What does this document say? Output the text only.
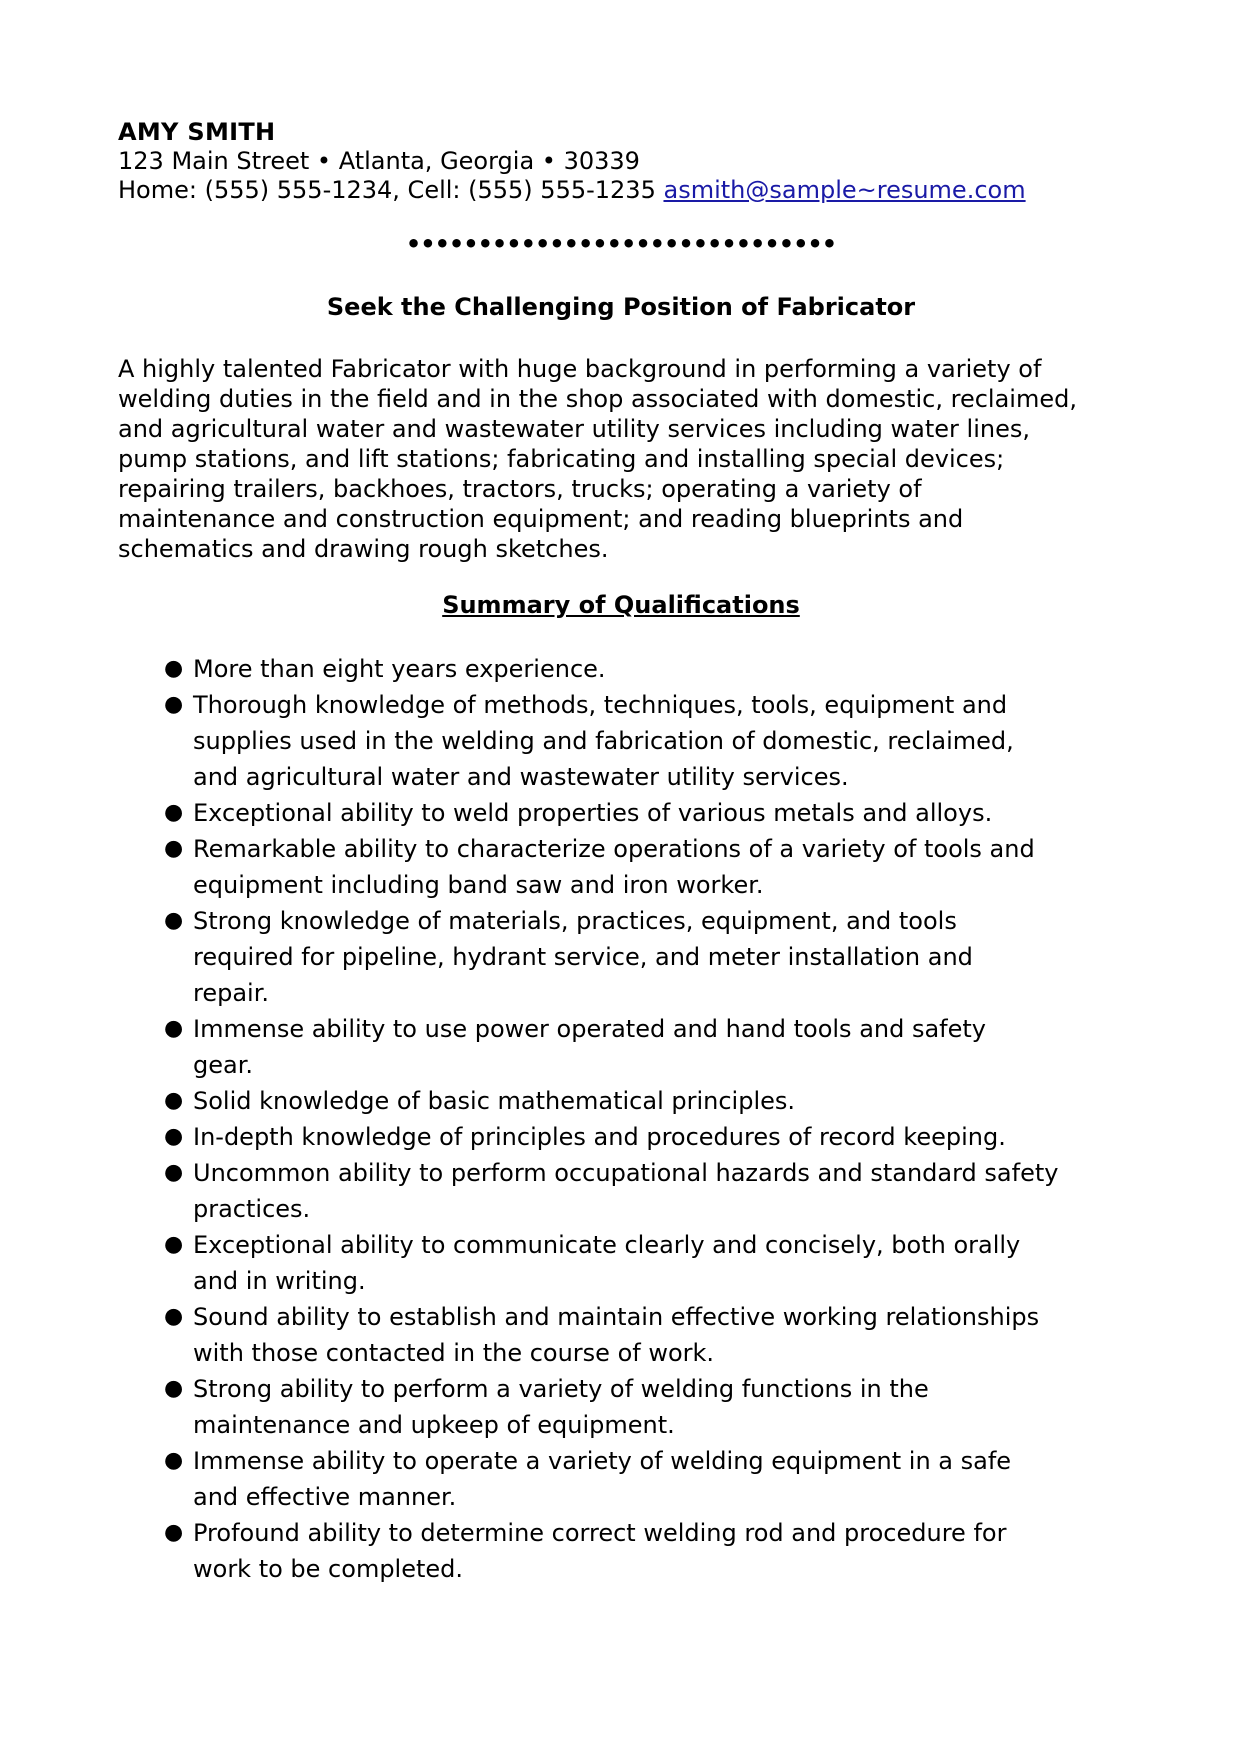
AMY SMITH
123 Main Street • Atlanta, Georgia • 30339
Home: (555) 555-1234, Cell: (555) 555-1235 asmith@sample~resume.com
••••••••••••••••••••••••••••••
Seek the Challenging Position of Fabricator
A highly talented Fabricator with huge background in performing a variety of
welding duties in the field and in the shop associated with domestic, reclaimed,
and agricultural water and wastewater utility services including water lines,
pump stations, and lift stations; fabricating and installing special devices;
repairing trailers, backhoes, tractors, trucks; operating a variety of
maintenance and construction equipment; and reading blueprints and
schematics and drawing rough sketches.
Summary of Qualifications
● More than eight years experience.
● Thorough knowledge of methods, techniques, tools, equipment and
supplies used in the welding and fabrication of domestic, reclaimed,
and agricultural water and wastewater utility services.
● Exceptional ability to weld properties of various metals and alloys.
● Remarkable ability to characterize operations of a variety of tools and
equipment including band saw and iron worker.
● Strong knowledge of materials, practices, equipment, and tools
required for pipeline, hydrant service, and meter installation and
repair.
● Immense ability to use power operated and hand tools and safety
gear.
● Solid knowledge of basic mathematical principles.
● In-depth knowledge of principles and procedures of record keeping.
● Uncommon ability to perform occupational hazards and standard safety
practices.
● Exceptional ability to communicate clearly and concisely, both orally
and in writing.
● Sound ability to establish and maintain effective working relationships
with those contacted in the course of work.
● Strong ability to perform a variety of welding functions in the
maintenance and upkeep of equipment.
● Immense ability to operate a variety of welding equipment in a safe
and effective manner.
● Profound ability to determine correct welding rod and procedure for
work to be completed.
